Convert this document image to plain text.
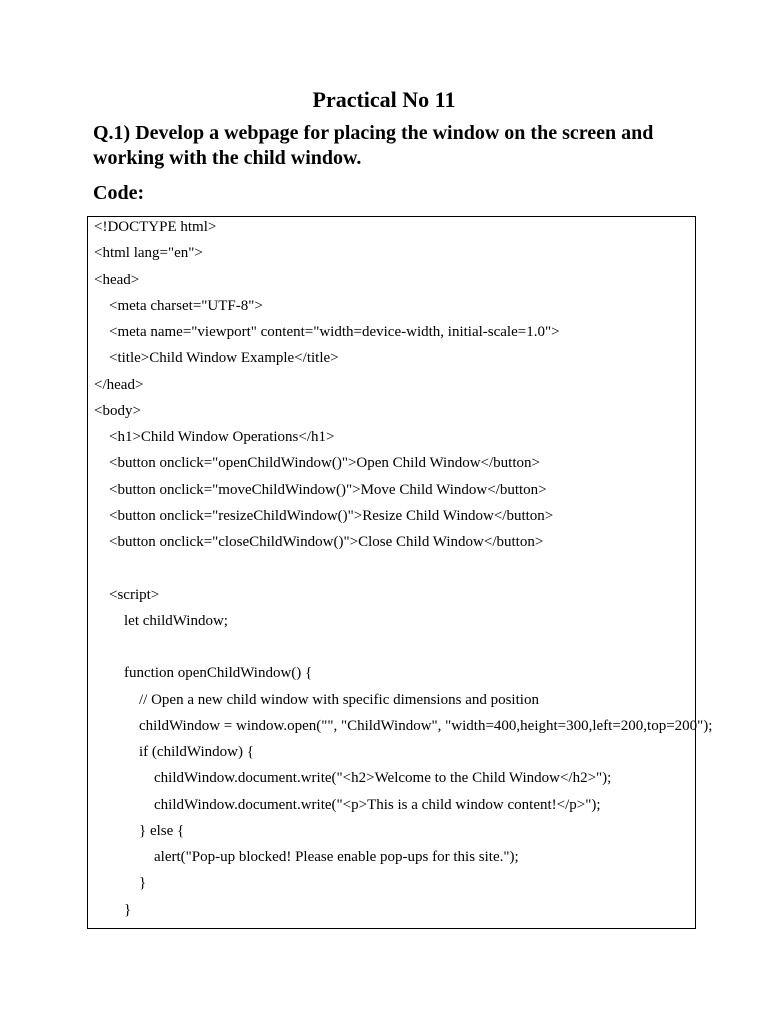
Practical No 11
Q.1) Develop a webpage for placing the window on the screen and working with the child window.
Code:
<!DOCTYPE html>
<html lang="en">
<head>
<meta charset="UTF-8">
<meta name="viewport" content="width=device-width, initial-scale=1.0">
<title>Child Window Example</title>
</head>
<body>
<h1>Child Window Operations</h1>
<button onclick="openChildWindow()">Open Child Window</button>
<button onclick="moveChildWindow()">Move Child Window</button>
<button onclick="resizeChildWindow()">Resize Child Window</button>
<button onclick="closeChildWindow()">Close Child Window</button>
<script>
let childWindow;
function openChildWindow() {
// Open a new child window with specific dimensions and position
childWindow = window.open("", "ChildWindow", "width=400,height=300,left=200,top=200");
if (childWindow) {
childWindow.document.write("<h2>Welcome to the Child Window</h2>");
childWindow.document.write("<p>This is a child window content!</p>");
} else {
alert("Pop-up blocked! Please enable pop-ups for this site.");
}
}
